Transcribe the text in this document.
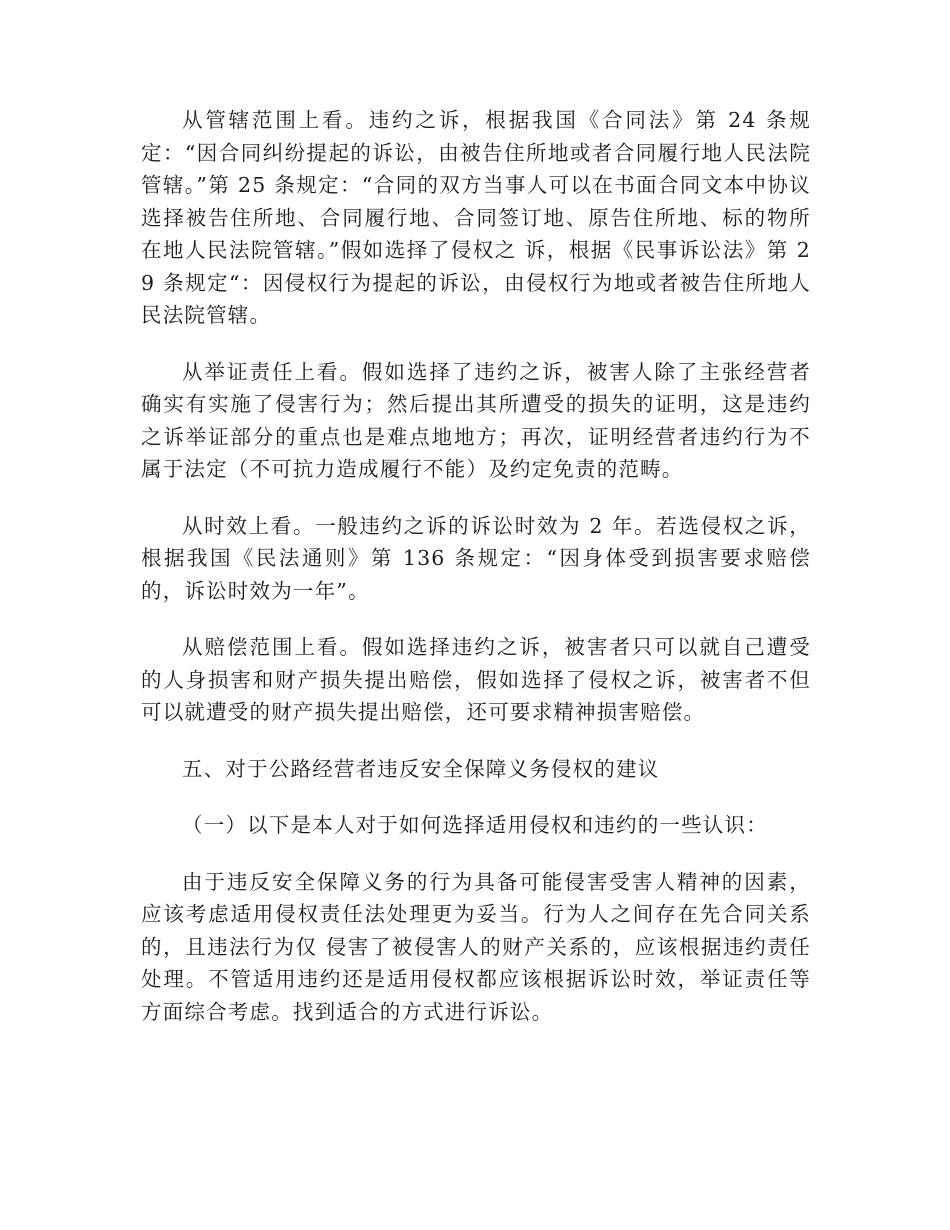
从管辖范围上看。违约之诉，根据我国《合同法》第 24 条规定：“因合同纠纷提起的诉讼，由被告住所地或者合同履行地人民法院管辖。”第 25 条规定：“合同的双方当事人可以在书面合同文本中协议选择被告住所地、合同履行地、合同签订地、原告住所地、标的物所在地人民法院管辖。”假如选择了侵权之 诉，根据《民事诉讼法》第 29 条规定“：因侵权行为提起的诉讼，由侵权行为地或者被告住所地人民法院管辖。

从举证责任上看。假如选择了违约之诉，被害人除了主张经营者确实有实施了侵害行为；然后提出其所遭受的损失的证明，这是违约之诉举证部分的重点也是难点地地方；再次，证明经营者违约行为不属于法定（不可抗力造成履行不能）及约定免责的范畴。

从时效上看。一般违约之诉的诉讼时效为 2 年。若选侵权之诉，根据我国《民法通则》第 136 条规定：“因身体受到损害要求赔偿的，诉讼时效为一年”。

从赔偿范围上看。假如选择违约之诉，被害者只可以就自己遭受的人身损害和财产损失提出赔偿，假如选择了侵权之诉，被害者不但可以就遭受的财产损失提出赔偿，还可要求精神损害赔偿。

五、对于公路经营者违反安全保障义务侵权的建议

（一）以下是本人对于如何选择适用侵权和违约的一些认识：

由于违反安全保障义务的行为具备可能侵害受害人精神的因素，应该考虑适用侵权责任法处理更为妥当。行为人之间存在先合同关系的，且违法行为仅 侵害了被侵害人的财产关系的，应该根据违约责任处理。不管适用违约还是适用侵权都应该根据诉讼时效，举证责任等方面综合考虑。找到适合的方式进行诉讼。
